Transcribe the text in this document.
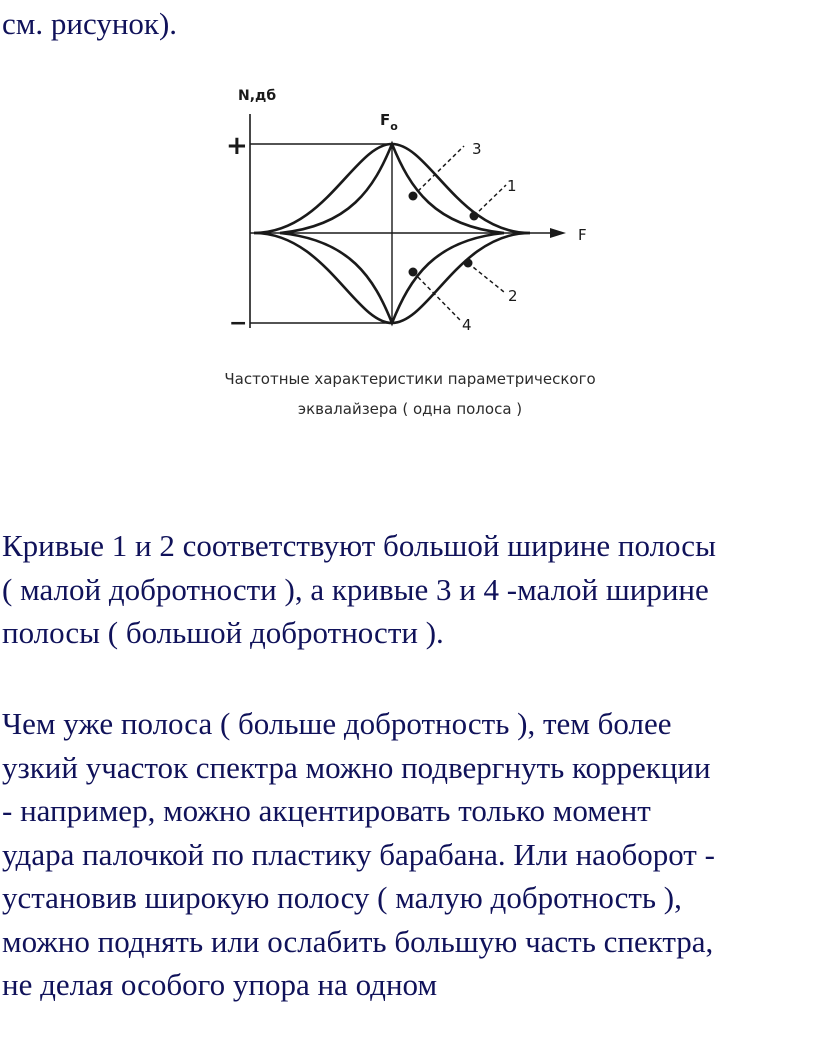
см. рисунок).
N,дб
$F_o$
+
−
F
3
1
2
4
Частотные характеристики параметрического
эквалайзера ( одна полоса )

Кривые 1 и 2 соответствуют большой ширине полосы
( малой добротности ), а кривые 3 и 4 -малой ширине
полосы ( большой добротности ).

Чем уже полоса ( больше добротность ), тем более
узкий участок спектра можно подвергнуть коррекции
- например, можно акцентировать только момент
удара палочкой по пластику барабана. Или наоборот -
установив широкую полосу ( малую добротность ),
можно поднять или ослабить большую часть спектра,
не делая особого упора на одном
